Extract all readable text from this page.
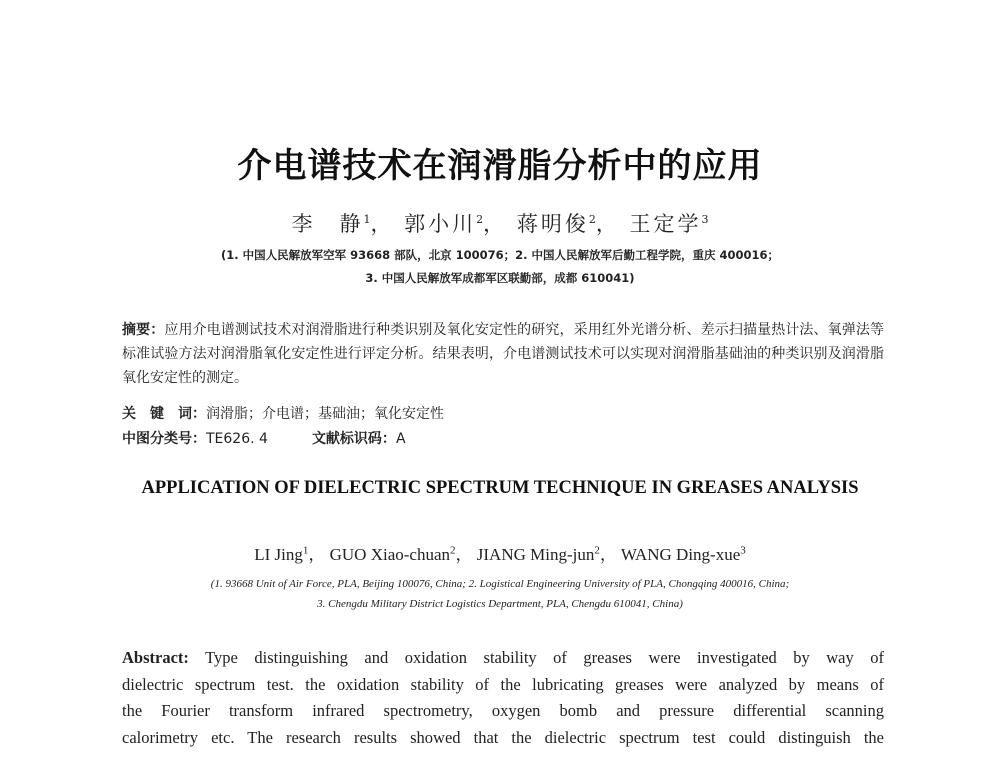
介电谱技术在润滑脂分析中的应用
李　静$^1$， 郭小川$^2$， 蒋明俊$^2$， 王定学$^3$
(1. 中国人民解放军空军 93668 部队，北京 100076；2. 中国人民解放军后勤工程学院，重庆 400016；
3. 中国人民解放军成都军区联勤部，成都 610041)
摘要：应用介电谱测试技术对润滑脂进行种类识别及氧化安定性的研究，采用红外光谱分析、差示扫描量热计法、氧弹法等标准试验方法对润滑脂氧化安定性进行评定分析。结果表明，介电谱测试技术可以实现对润滑脂基础油的种类识别及润滑脂氧化安定性的测定。
关　键　词：润滑脂；介电谱；基础油；氧化安定性
中图分类号：TE626. 4	文献标识码：A
APPLICATION OF DIELECTRIC SPECTRUM TECHNIQUE IN GREASES ANALYSIS
LI Jing$^1$， GUO Xiao-chuan$^2$， JIANG Ming-jun$^2$， WANG Ding-xue$^3$
(1. 93668 Unit of Air Force, PLA, Beijing 100076, China; 2. Logistical Engineering University of PLA, Chongqing 400016, China;
3. Chengdu Military District Logistics Department, PLA, Chengdu 610041, China)
Abstract: Type distinguishing and oxidation stability of greases were investigated by way of
dielectric spectrum test. the oxidation stability of the lubricating greases were analyzed by means of
the Fourier transform infrared spectrometry, oxygen bomb and pressure differential scanning
calorimetry etc. The research results showed that the dielectric spectrum test could distinguish the
